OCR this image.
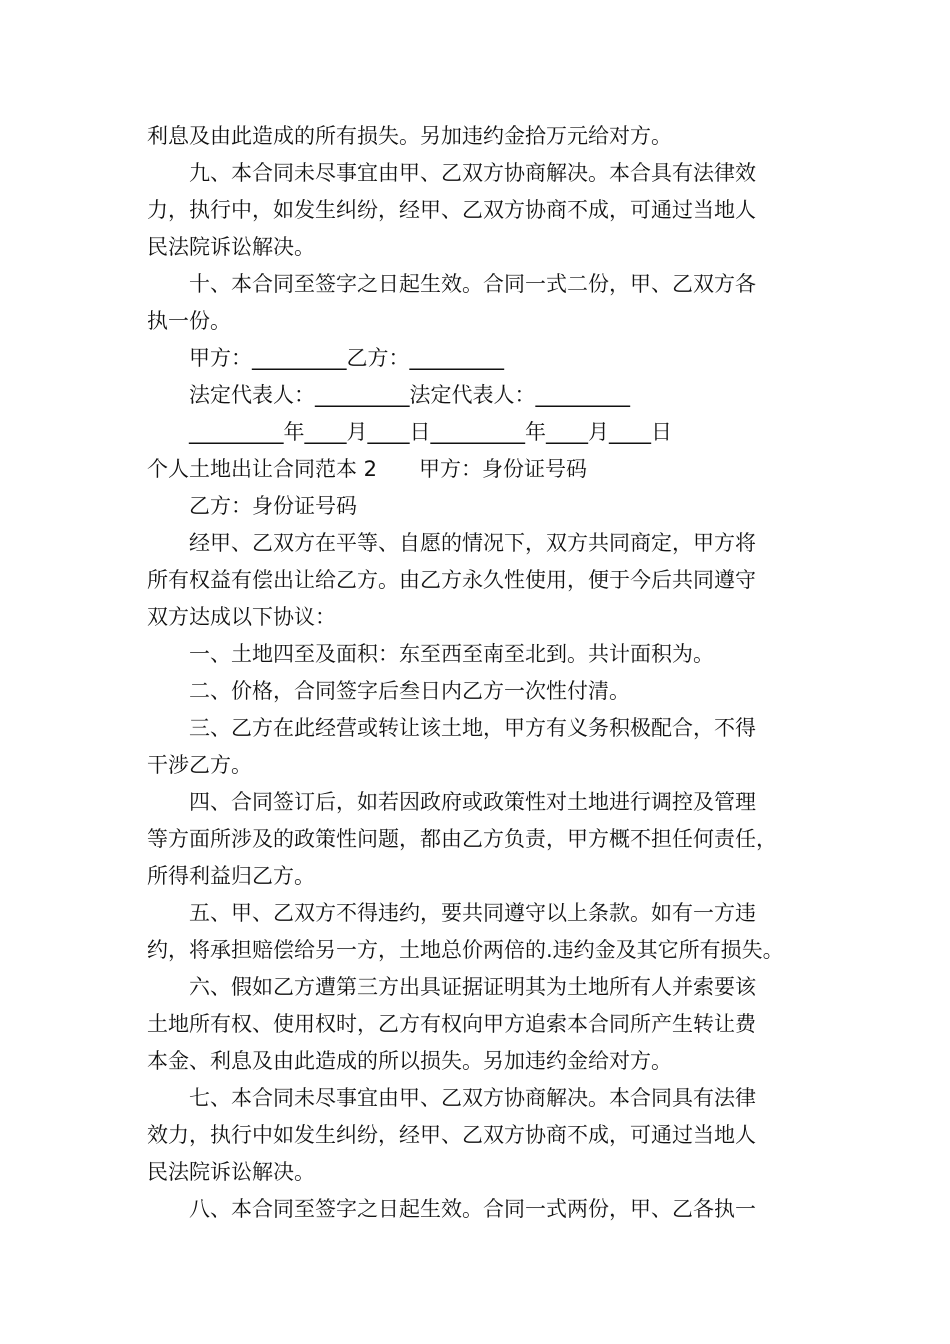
利息及由此造成的所有损失。另加违约金拾万元给对方。
九、本合同未尽事宜由甲、乙双方协商解决。本合具有法律效
力，执行中，如发生纠纷，经甲、乙双方协商不成，可通过当地人
民法院诉讼解决。
十、本合同至签字之日起生效。合同一式二份，甲、乙双方各
执一份。
甲方：_________乙方：_________
法定代表人：_________法定代表人：_________
_________年____月____日_________年____月____日
个人土地出让合同范本 2 甲方：身份证号码
乙方：身份证号码
经甲、乙双方在平等、自愿的情况下，双方共同商定，甲方将
所有权益有偿出让给乙方。由乙方永久性使用，便于今后共同遵守
双方达成以下协议：
一、土地四至及面积：东至西至南至北到。共计面积为。
二、价格，合同签字后叁日内乙方一次性付清。
三、乙方在此经营或转让该土地，甲方有义务积极配合，不得
干涉乙方。
四、合同签订后，如若因政府或政策性对土地进行调控及管理
等方面所涉及的政策性问题，都由乙方负责，甲方概不担任何责任，
所得利益归乙方。
五、甲、乙双方不得违约，要共同遵守以上条款。如有一方违
约，将承担赔偿给另一方，土地总价两倍的.违约金及其它所有损失。
六、假如乙方遭第三方出具证据证明其为土地所有人并索要该
土地所有权、使用权时，乙方有权向甲方追索本合同所产生转让费
本金、利息及由此造成的所以损失。另加违约金给对方。
七、本合同未尽事宜由甲、乙双方协商解决。本合同具有法律
效力，执行中如发生纠纷，经甲、乙双方协商不成，可通过当地人
民法院诉讼解决。
八、本合同至签字之日起生效。合同一式两份，甲、乙各执一
